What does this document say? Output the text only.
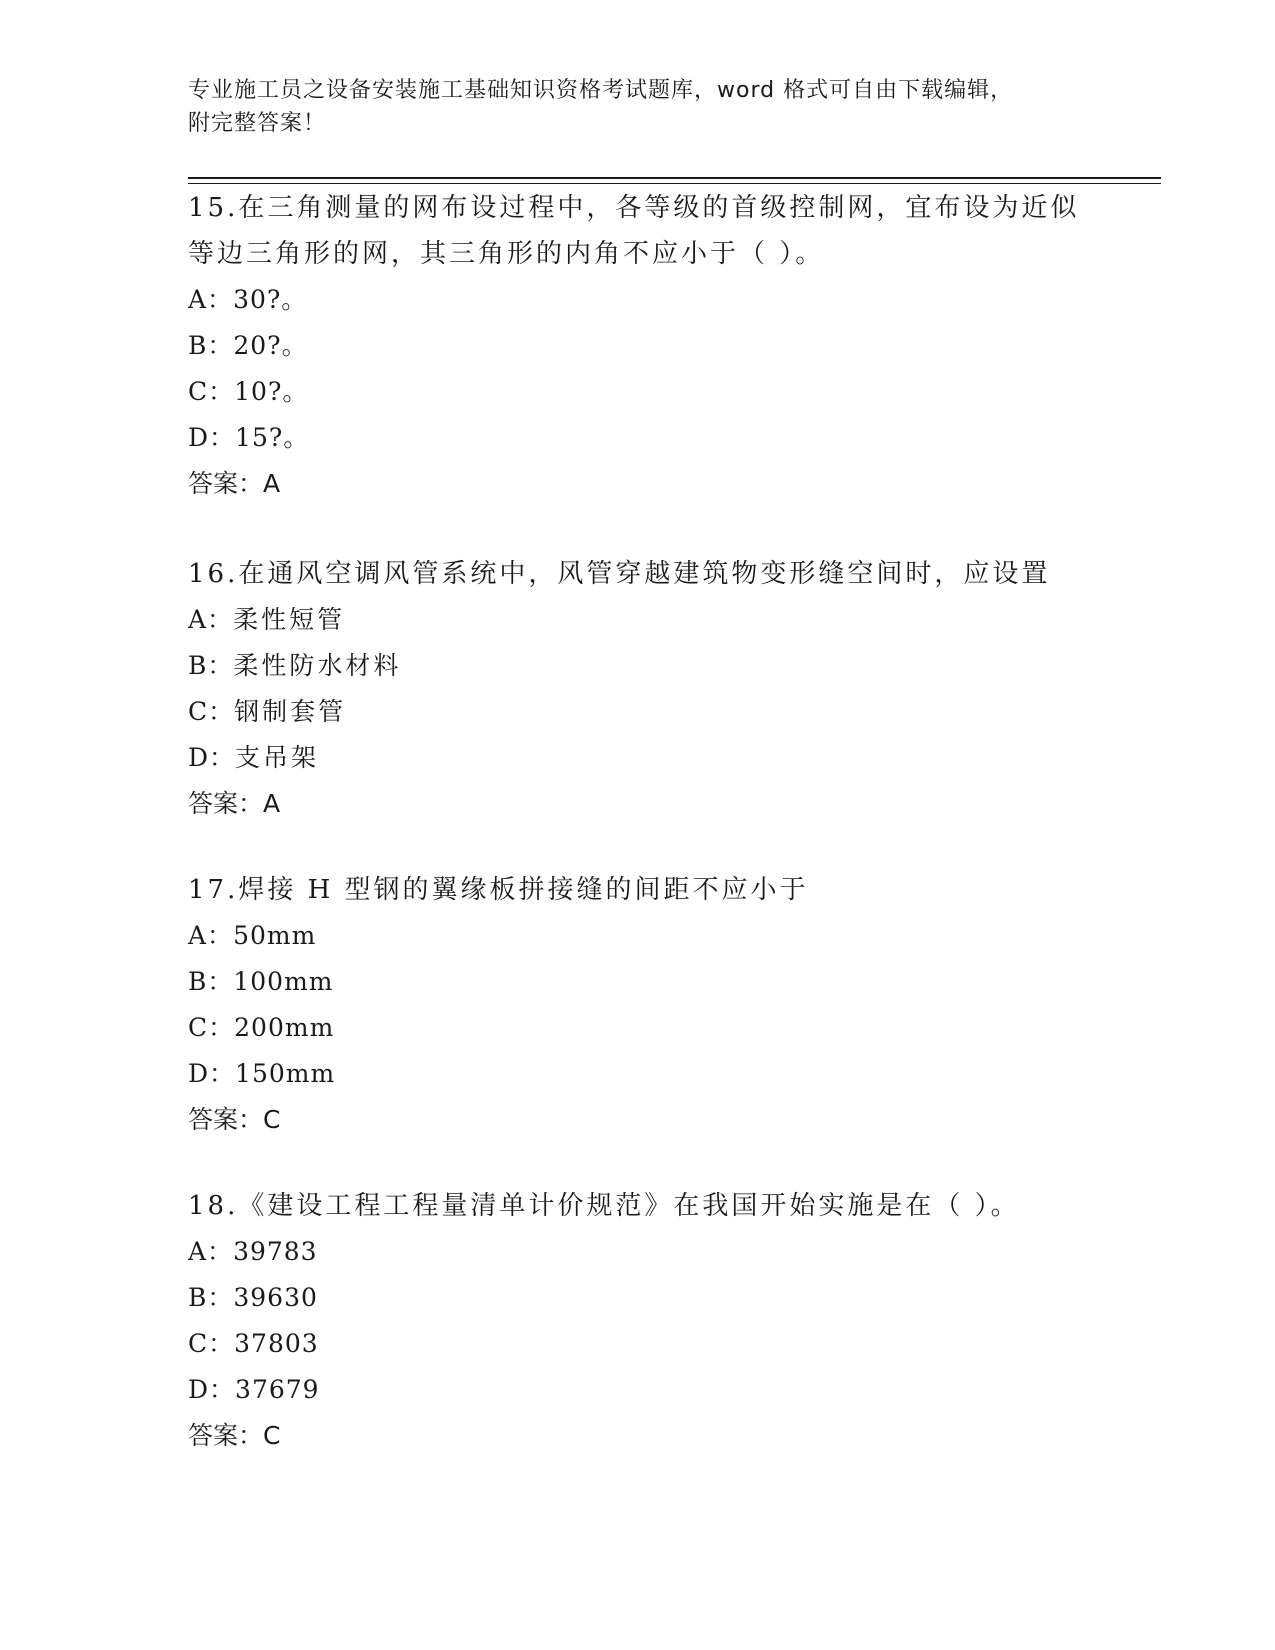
专业施工员之设备安装施工基础知识资格考试题库，word 格式可自由下载编辑，
附完整答案！

15.在三角测量的网布设过程中，各等级的首级控制网，宜布设为近似

等边三角形的网，其三角形的内角不应小于（ ）。

A：30?。

B：20?。

C：10?。

D：15?。

答案：A

16.在通风空调风管系统中，风管穿越建筑物变形缝空间时，应设置

A：柔性短管

B：柔性防水材料

C：钢制套管

D：支吊架

答案：A

17.焊接 H 型钢的翼缘板拼接缝的间距不应小于

A：50mm

B：100mm

C：200mm

D：150mm

答案：C

18.《建设工程工程量清单计价规范》在我国开始实施是在（ ）。

A：39783

B：39630

C：37803

D：37679

答案：C
